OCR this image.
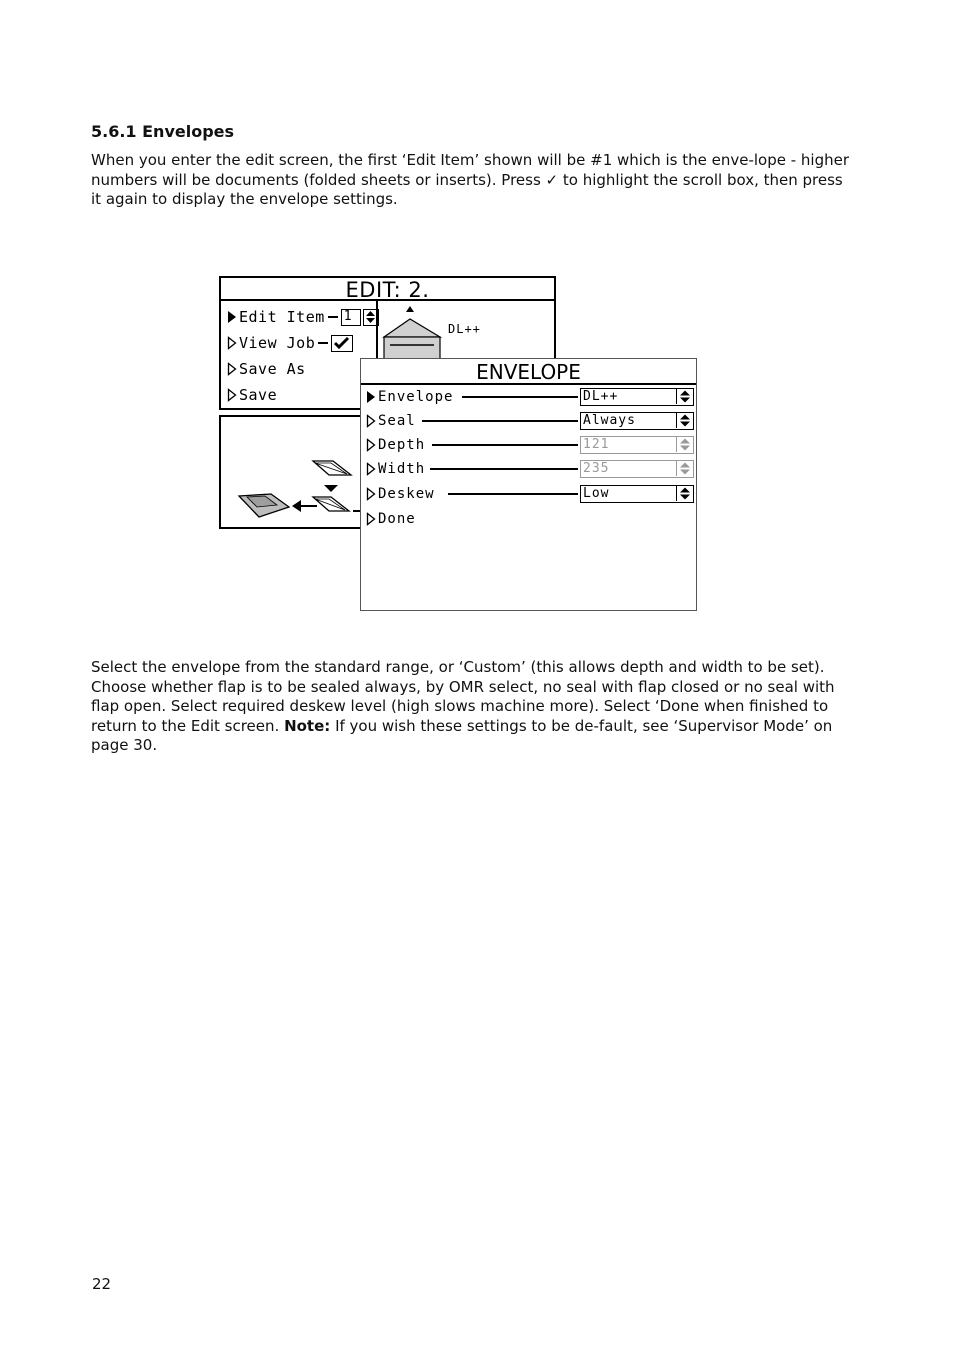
5.6.1 Envelopes

When you enter the edit screen, the first ‘Edit Item’ shown will be #1 which is the enve-lope - higher numbers will be documents (folded sheets or inserts). Press ✓ to highlight the scroll box, then press it again to display the envelope settings.

EDIT: 2.
Edit Item 1
View Job
Save As
Save
DL++
ENVELOPE
Envelope	DL++
Seal	Always
Depth	121
Width	235
Deskew	Low
Done

Select the envelope from the standard range, or ‘Custom’ (this allows depth and width to be set). Choose whether flap is to be sealed always, by OMR select, no seal with flap closed or no seal with flap open. Select required deskew level (high slows machine more). Select ‘Done when finished to return to the Edit screen. Note: If you wish these settings to be de-fault, see ‘Supervisor Mode’ on page 30.

22
